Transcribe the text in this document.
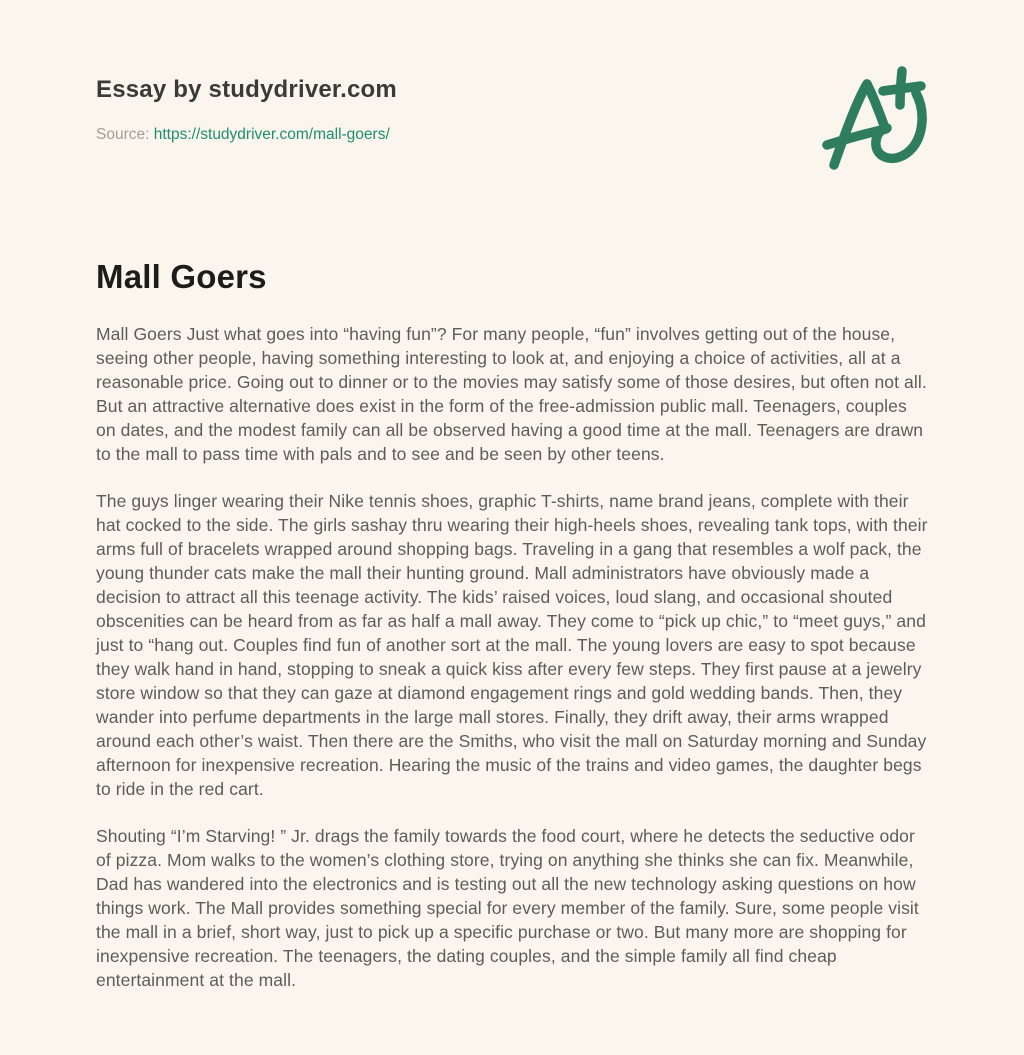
Essay by studydriver.com
Source: https://studydriver.com/mall-goers/
Mall Goers

Mall Goers Just what goes into “having fun”? For many people, “fun” involves getting out of the house, seeing other people, having something interesting to look at, and enjoying a choice of activities, all at a reasonable price. Going out to dinner or to the movies may satisfy some of those desires, but often not all. But an attractive alternative does exist in the form of the free-admission public mall. Teenagers, couples on dates, and the modest family can all be observed having a good time at the mall. Teenagers are drawn to the mall to pass time with pals and to see and be seen by other teens.

The guys linger wearing their Nike tennis shoes, graphic T-shirts, name brand jeans, complete with their hat cocked to the side. The girls sashay thru wearing their high-heels shoes, revealing tank tops, with their arms full of bracelets wrapped around shopping bags. Traveling in a gang that resembles a wolf pack, the young thunder cats make the mall their hunting ground. Mall administrators have obviously made a decision to attract all this teenage activity. The kids’ raised voices, loud slang, and occasional shouted obscenities can be heard from as far as half a mall away. They come to “pick up chic,” to “meet guys,” and just to “hang out. Couples find fun of another sort at the mall. The young lovers are easy to spot because they walk hand in hand, stopping to sneak a quick kiss after every few steps. They first pause at a jewelry store window so that they can gaze at diamond engagement rings and gold wedding bands. Then, they wander into perfume departments in the large mall stores. Finally, they drift away, their arms wrapped around each other’s waist. Then there are the Smiths, who visit the mall on Saturday morning and Sunday afternoon for inexpensive recreation. Hearing the music of the trains and video games, the daughter begs to ride in the red cart.

Shouting “I’m Starving! ” Jr. drags the family towards the food court, where he detects the seductive odor of pizza. Mom walks to the women’s clothing store, trying on anything she thinks she can fix. Meanwhile, Dad has wandered into the electronics and is testing out all the new technology asking questions on how things work. The Mall provides something special for every member of the family. Sure, some people visit the mall in a brief, short way, just to pick up a specific purchase or two. But many more are shopping for inexpensive recreation. The teenagers, the dating couples, and the simple family all find cheap entertainment at the mall.
